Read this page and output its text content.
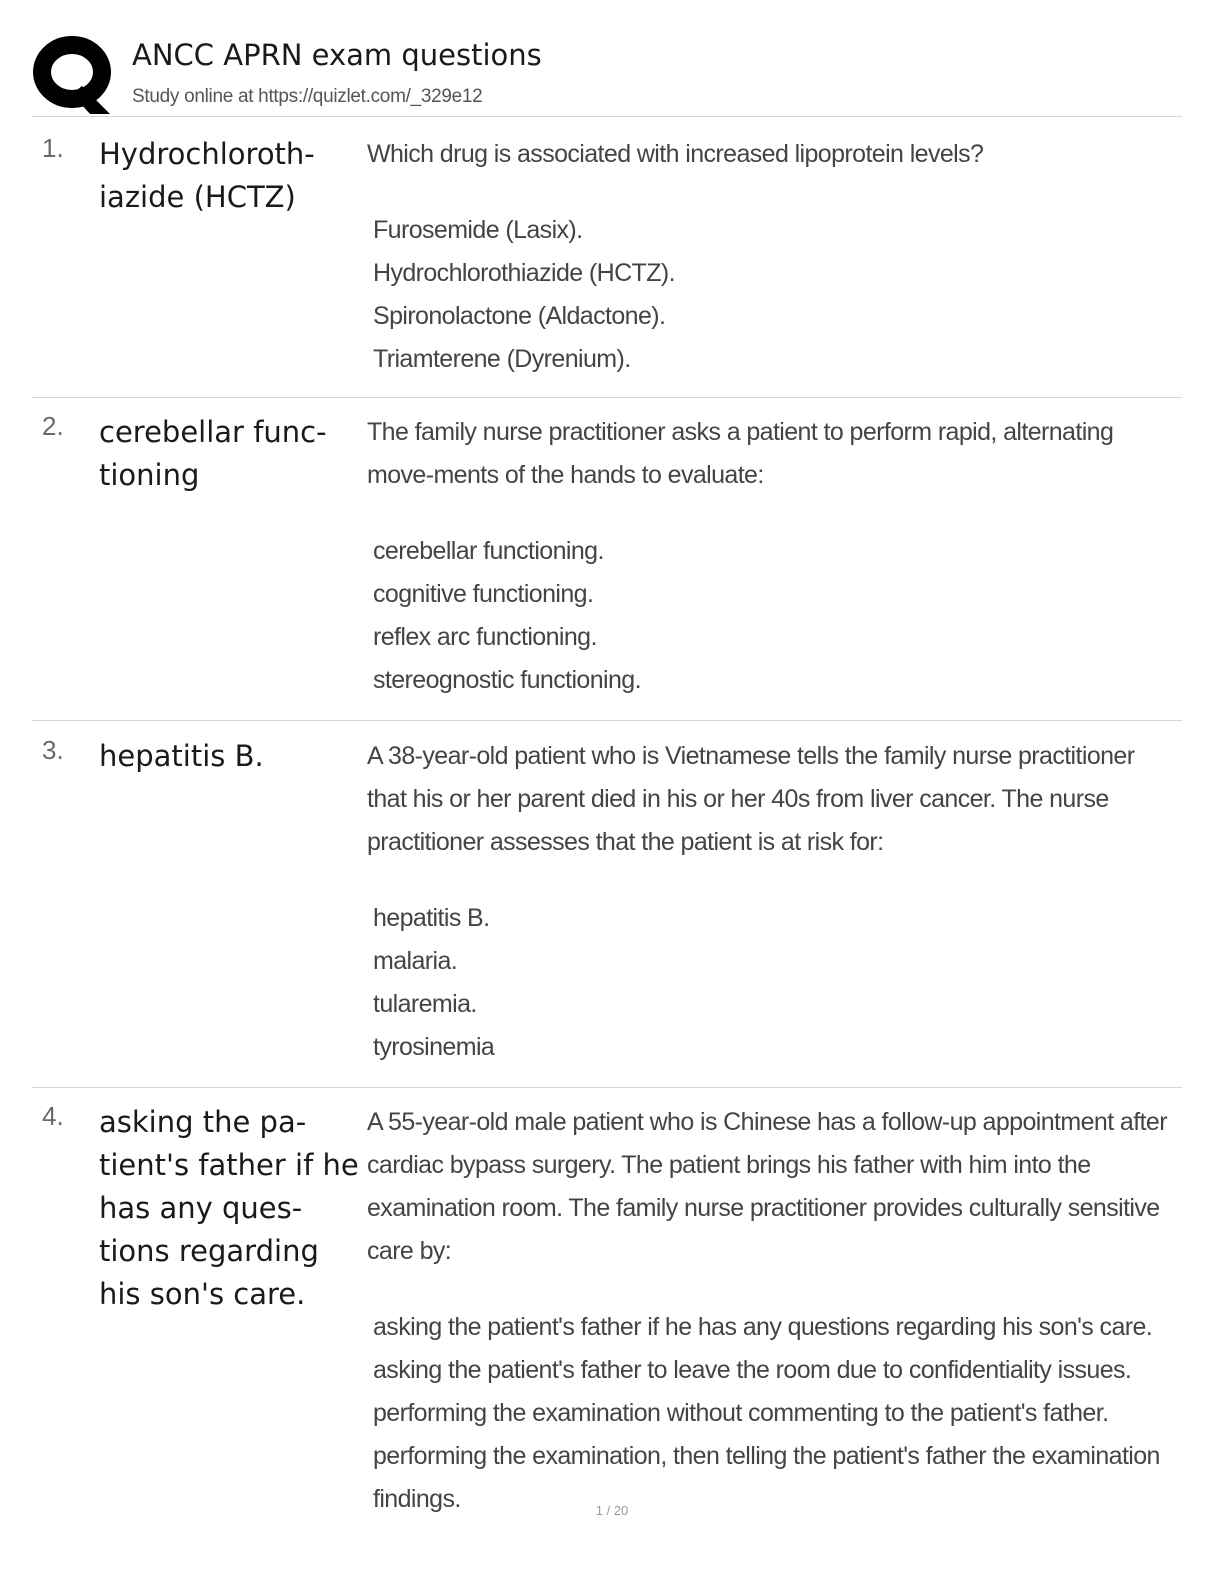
ANCC APRN exam questions
Study online at https://quizlet.com/_329e12
1. Hydrochloroth-iazide (HCTZ)

Which drug is associated with increased lipoprotein levels?

Furosemide (Lasix).
Hydrochlorothiazide (HCTZ).
Spironolactone (Aldactone).
Triamterene (Dyrenium).
2. cerebellar func-tioning

The family nurse practitioner asks a patient to perform rapid, alternating move-ments of the hands to evaluate:

cerebellar functioning.
cognitive functioning.
reflex arc functioning.
stereognostic functioning.
3. hepatitis B.	A 38-year-old patient who is Vietnamese tells the family nurse practitioner that his or her parent died in his or her 40s from liver cancer. The nurse practitioner assesses that the patient is at risk for:

hepatitis B.
malaria.
tularemia.
tyrosinemia
4. asking the pa-tient's father if he has any ques-tions regarding his son's care.

A 55-year-old male patient who is Chinese has a follow-up appointment after cardiac bypass surgery. The patient brings his father with him into the examination room. The family nurse practitioner provides culturally sensitive care by:

asking the patient's father if he has any questions regarding his son's care.
asking the patient's father to leave the room due to confidentiality issues.
performing the examination without commenting to the patient's father.
performing the examination, then telling the patient's father the examination findings.	1 / 20
